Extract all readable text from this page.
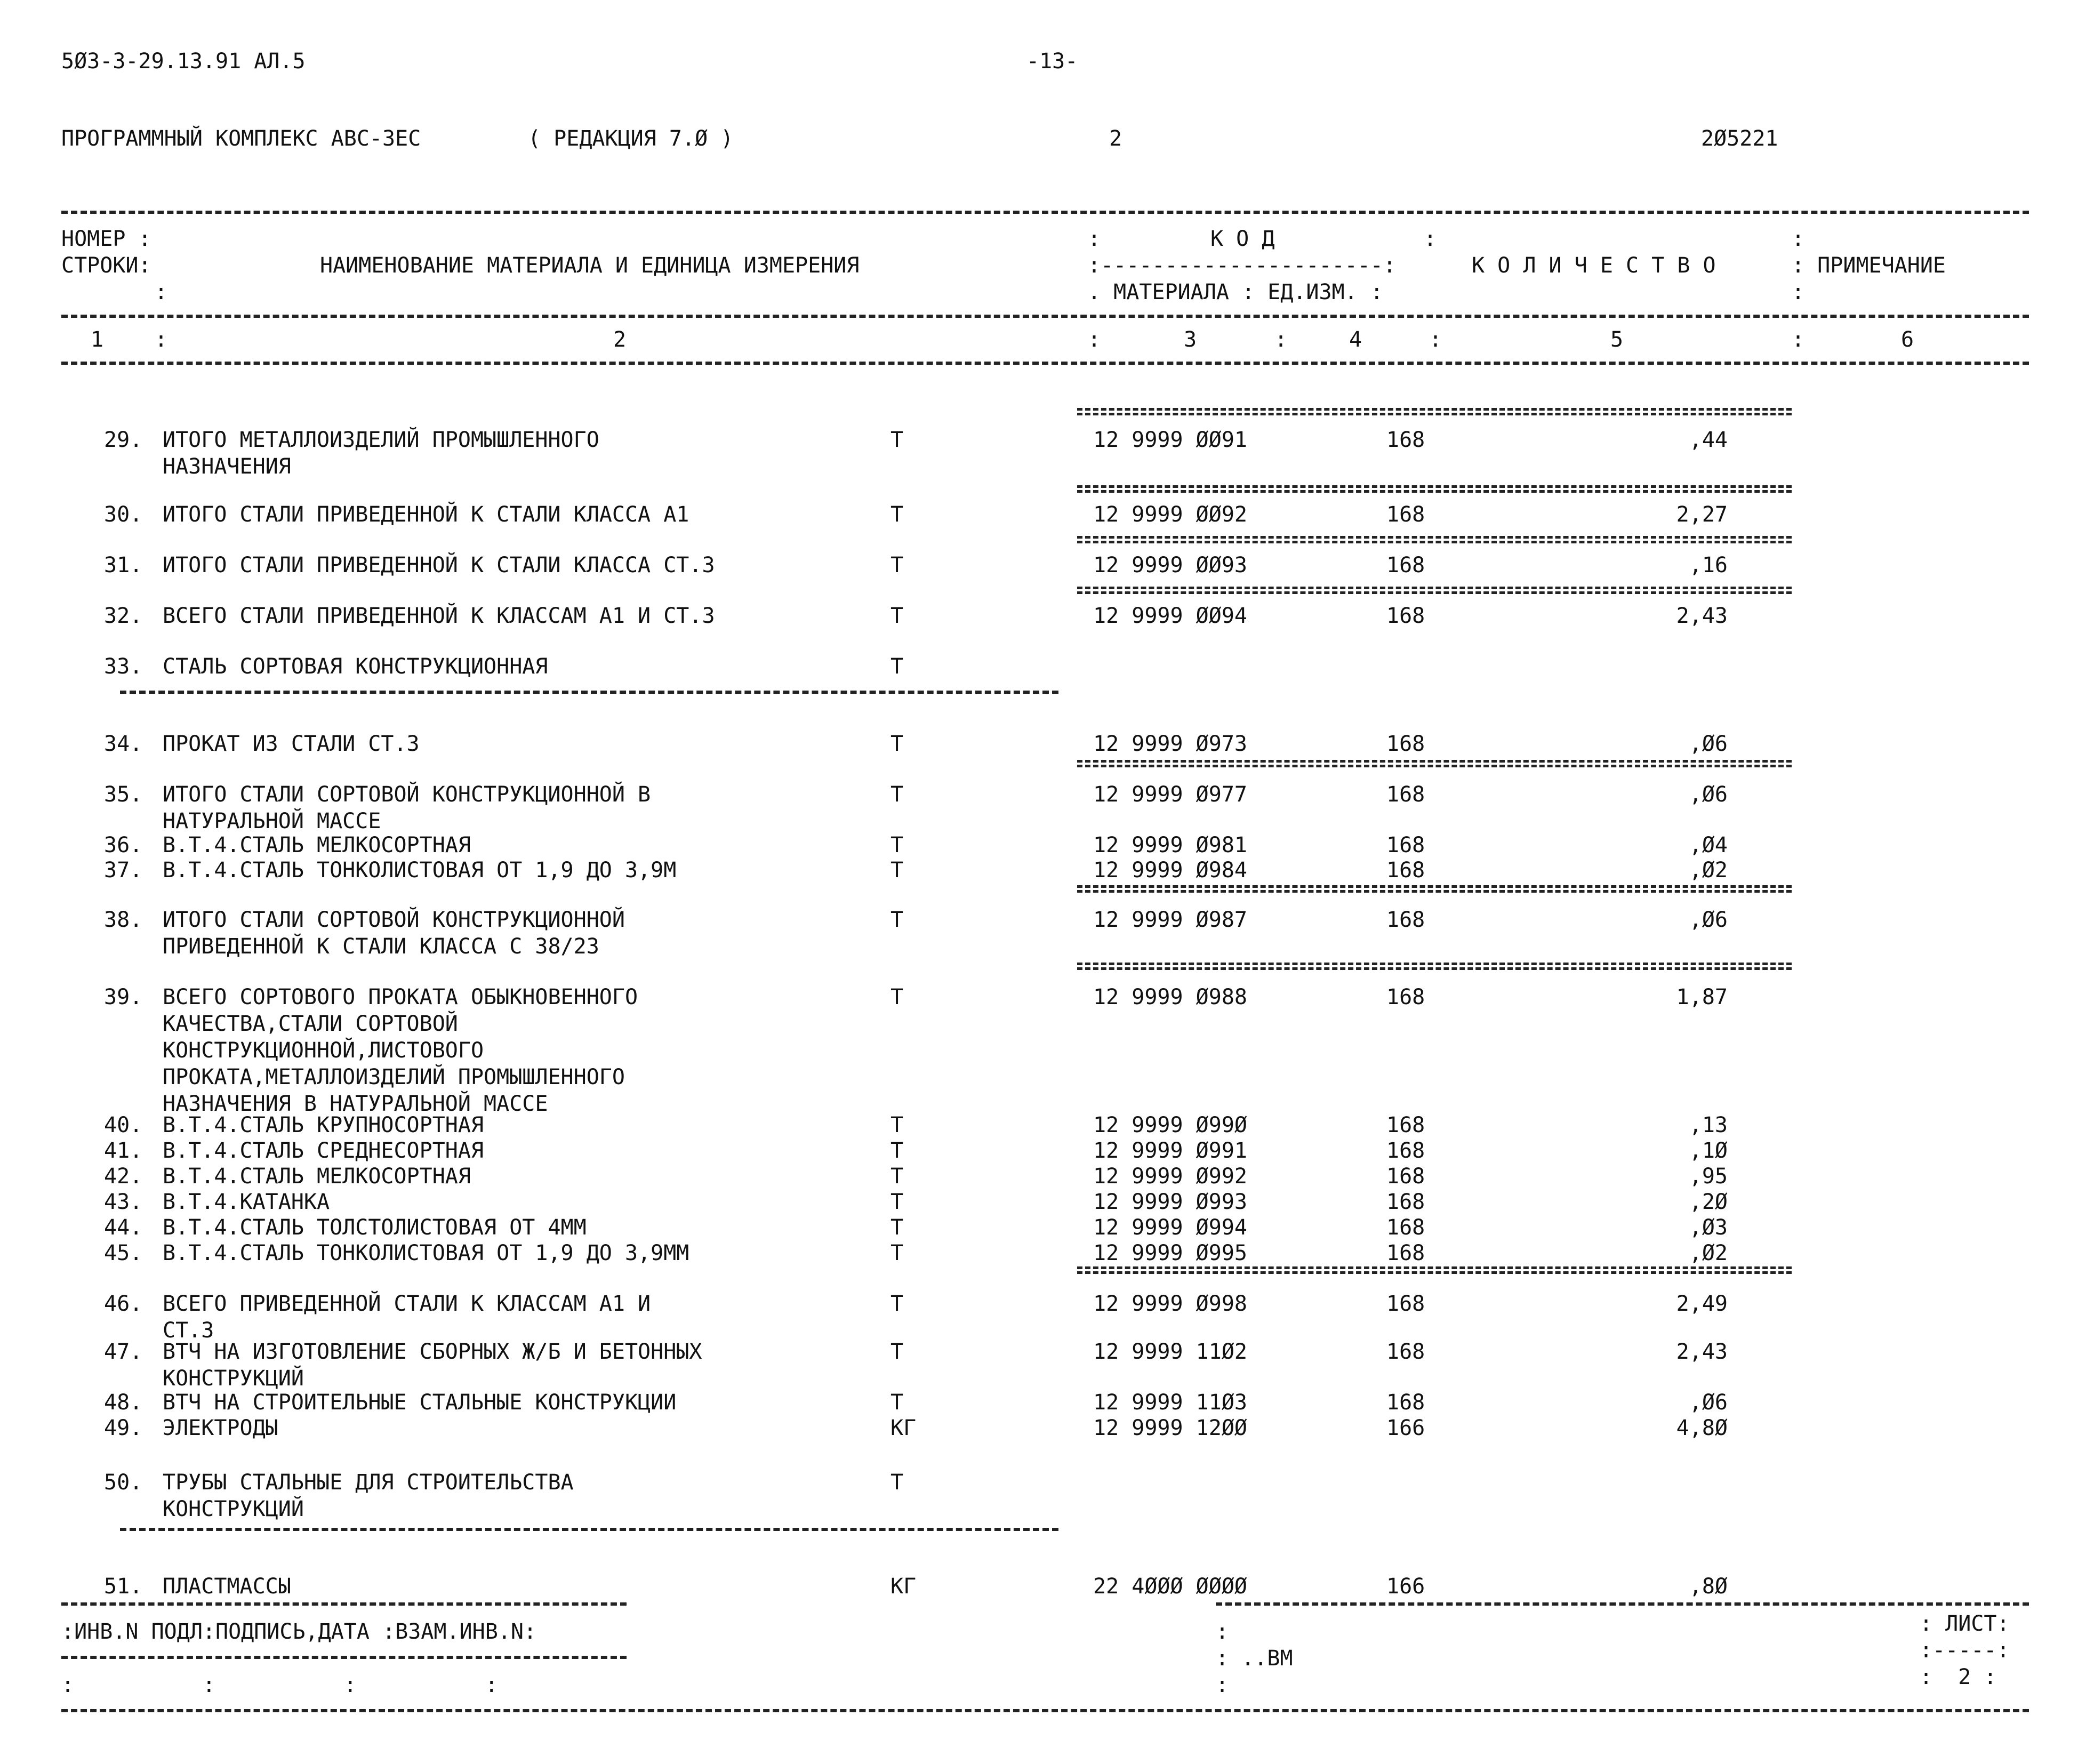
5Ø3-3-29.13.91 АЛ.5	-13-
ПРОГРАММНЫЙ КОМПЛЕКС АВС-ЗЕС	( РЕДАКЦИЯ 7.Ø )	2	2Ø5221
НОМЕР :
СТРОКИ:
:
НАИМЕНОВАНИЕ МАТЕРИАЛА И ЕДИНИЦА ИЗМЕРЕНИЯ
:	К О Д	:
:----------------------:
. МАТЕРИАЛА : ЕД.ИЗМ. :
К О Л И Ч Е С Т В О
:
: ПРИМЕЧАНИЕ
:
1 :	2	:	3	:	4	:	5	:	6
29. ИТОГО МЕТАЛЛОИЗДЕЛИЙ ПРОМЫШЛЕННОГО
НАЗНАЧЕНИЯ
Т	12 9999 ØØ91	168	,44
30. ИТОГО СТАЛИ ПРИВЕДЕННОЙ К СТАЛИ КЛАССА А1	Т	12 9999 ØØ92	168	2,27
31. ИТОГО СТАЛИ ПРИВЕДЕННОЙ К СТАЛИ КЛАССА СТ.3	Т	12 9999 ØØ93	168	,16
32. ВСЕГО СТАЛИ ПРИВЕДЕННОЙ К КЛАССАМ А1 И СТ.3	Т	12 9999 ØØ94	168	2,43
33. СТАЛЬ СОРТОВАЯ КОНСТРУКЦИОННАЯ	Т
34. ПРОКАТ ИЗ СТАЛИ СТ.3	Т	12 9999 Ø973	168	,Ø6
35. ИТОГО СТАЛИ СОРТОВОЙ КОНСТРУКЦИОННОЙ В
НАТУРАЛЬНОЙ МАССЕ
Т	12 9999 Ø977	168	,Ø6
36. В.Т.4.СТАЛЬ МЕЛКОСОРТНАЯ	Т	12 9999 Ø981	168	,Ø4
37. В.Т.4.СТАЛЬ ТОНКОЛИСТОВАЯ ОТ 1,9 ДО 3,9М	Т	12 9999 Ø984	168	,Ø2
38. ИТОГО СТАЛИ СОРТОВОЙ КОНСТРУКЦИОННОЙ
ПРИВЕДЕННОЙ К СТАЛИ КЛАССА С 38/23
Т	12 9999 Ø987	168	,Ø6
39. ВСЕГО СОРТОВОГО ПРОКАТА ОБЫКНОВЕННОГО
КАЧЕСТВА,СТАЛИ СОРТОВОЙ
КОНСТРУКЦИОННОЙ,ЛИСТОВОГО
ПРОКАТА,МЕТАЛЛОИЗДЕЛИЙ ПРОМЫШЛЕННОГО
НАЗНАЧЕНИЯ В НАТУРАЛЬНОЙ МАССЕ
Т	12 9999 Ø988	168	1,87
40. В.Т.4.СТАЛЬ КРУПНОСОРТНАЯ	Т	12 9999 Ø99Ø	168	,13
41. В.Т.4.СТАЛЬ СРЕДНЕСОРТНАЯ	Т	12 9999 Ø991	168	,1Ø
42. В.Т.4.СТАЛЬ МЕЛКОСОРТНАЯ	Т	12 9999 Ø992	168	,95
43. В.Т.4.КАТАНКА	Т	12 9999 Ø993	168	,2Ø
44. В.Т.4.СТАЛЬ ТОЛСТОЛИСТОВАЯ ОТ 4ММ	Т	12 9999 Ø994	168	,Ø3
45. В.Т.4.СТАЛЬ ТОНКОЛИСТОВАЯ ОТ 1,9 ДО 3,9ММ	Т	12 9999 Ø995	168	,Ø2
46. ВСЕГО ПРИВЕДЕННОЙ СТАЛИ К КЛАССАМ А1 И
СТ.3
Т	12 9999 Ø998	168	2,49
47. ВТЧ НА ИЗГОТОВЛЕНИЕ СБОРНЫХ Ж/Б И БЕТОННЫХ
КОНСТРУКЦИЙ
Т	12 9999 11Ø2	168	2,43
48. ВТЧ НА СТРОИТЕЛЬНЫЕ СТАЛЬНЫЕ КОНСТРУКЦИИ	Т	12 9999 11Ø3	168	,Ø6
49. ЭЛЕКТРОДЫ	КГ	12 9999 12ØØ	166	4,8Ø
50. ТРУБЫ СТАЛЬНЫЕ ДЛЯ СТРОИТЕЛЬСТВА
КОНСТРУКЦИЙ
Т
51. ПЛАСТМАССЫ	КГ	22 4ØØØ ØØØØ	166	,8Ø
:ИНВ.N ПОДЛ:ПОДПИСЬ,ДАТА :ВЗАМ.ИНВ.N:
:          :          :          :
:
: ..ВМ
:
: ЛИСТ:
:-----:
:  2 :
